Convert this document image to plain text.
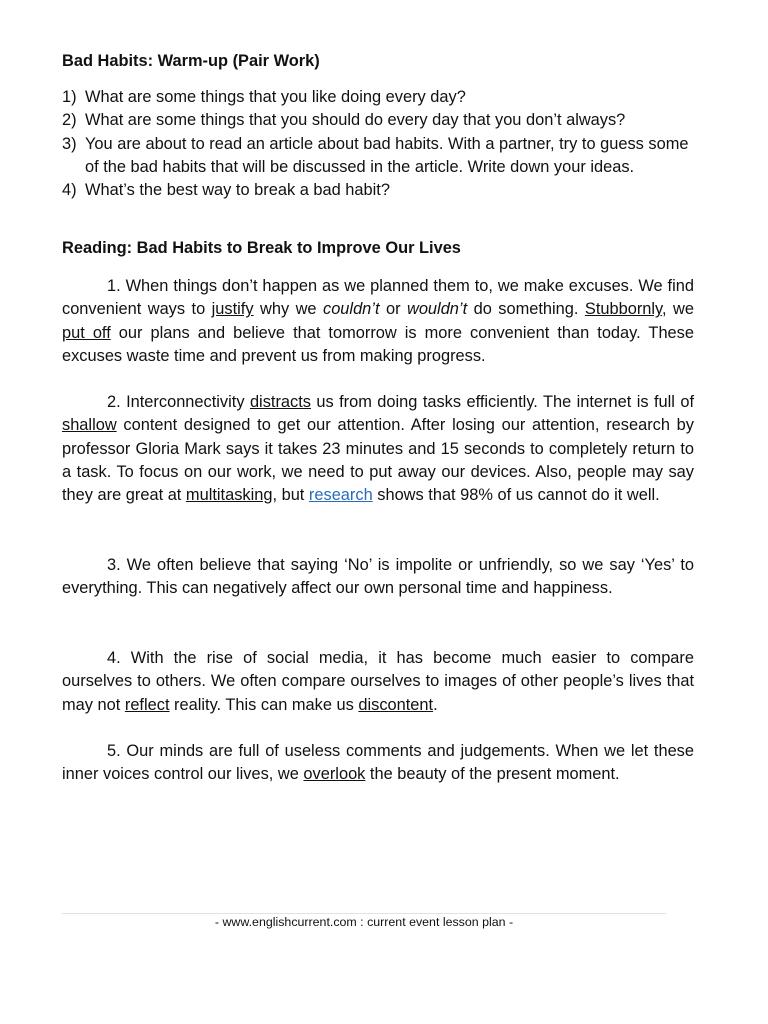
Bad Habits: Warm-up (Pair Work)
1) What are some things that you like doing every day?
2) What are some things that you should do every day that you don’t always?
3) You are about to read an article about bad habits. With a partner, try to guess some of the bad habits that will be discussed in the article. Write down your ideas.
4) What’s the best way to break a bad habit?
Reading: Bad Habits to Break to Improve Our Lives

1. When things don’t happen as we planned them to, we make excuses. We find convenient ways to justify why we couldn’t or wouldn’t do something. Stubbornly, we put off our plans and believe that tomorrow is more convenient than today. These excuses waste time and prevent us from making progress.

2. Interconnectivity distracts us from doing tasks efficiently. The internet is full of shallow content designed to get our attention. After losing our attention, research by professor Gloria Mark says it takes 23 minutes and 15 seconds to completely return to a task. To focus on our work, we need to put away our devices. Also, people may say they are great at multitasking, but research shows that 98% of us cannot do it well.

3. We often believe that saying ‘No’ is impolite or unfriendly, so we say ‘Yes’ to everything. This can negatively affect our own personal time and happiness.

4. With the rise of social media, it has become much easier to compare ourselves to others. We often compare ourselves to images of other people’s lives that may not reflect reality. This can make us discontent.

5. Our minds are full of useless comments and judgements. When we let these inner voices control our lives, we overlook the beauty of the present moment.

- www.englishcurrent.com : current event lesson plan -
